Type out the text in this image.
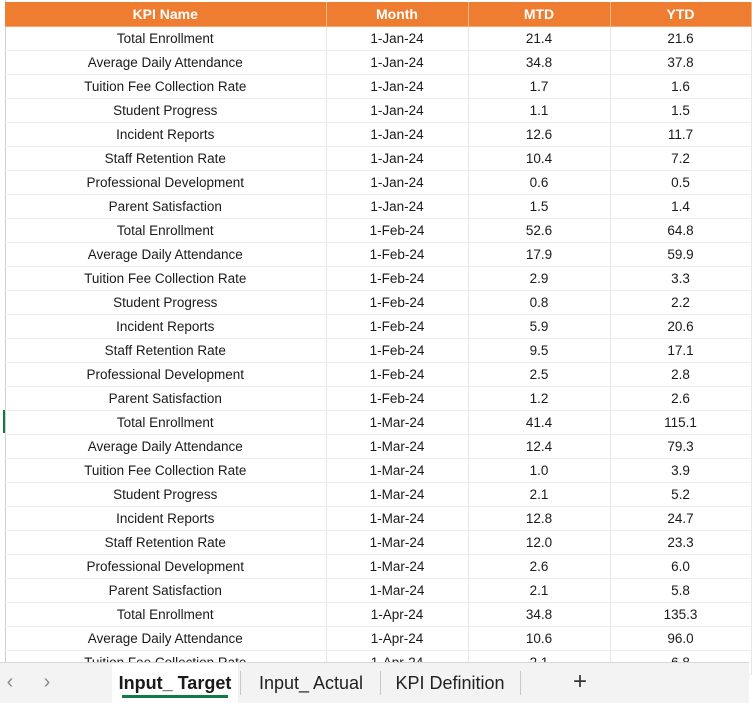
KPI Name	Month	MTD	YTD
Total Enrollment	1-Jan-24	21.4	21.6
Average Daily Attendance	1-Jan-24	34.8	37.8
Tuition Fee Collection Rate	1-Jan-24	1.7	1.6
Student Progress	1-Jan-24	1.1	1.5
Incident Reports	1-Jan-24	12.6	11.7
Staff Retention Rate	1-Jan-24	10.4	7.2
Professional Development	1-Jan-24	0.6	0.5
Parent Satisfaction	1-Jan-24	1.5	1.4
Total Enrollment	1-Feb-24	52.6	64.8
Average Daily Attendance	1-Feb-24	17.9	59.9
Tuition Fee Collection Rate	1-Feb-24	2.9	3.3
Student Progress	1-Feb-24	0.8	2.2
Incident Reports	1-Feb-24	5.9	20.6
Staff Retention Rate	1-Feb-24	9.5	17.1
Professional Development	1-Feb-24	2.5	2.8
Parent Satisfaction	1-Feb-24	1.2	2.6
Total Enrollment	1-Mar-24	41.4	115.1
Average Daily Attendance	1-Mar-24	12.4	79.3
Tuition Fee Collection Rate	1-Mar-24	1.0	3.9
Student Progress	1-Mar-24	2.1	5.2
Incident Reports	1-Mar-24	12.8	24.7
Staff Retention Rate	1-Mar-24	12.0	23.3
Professional Development	1-Mar-24	2.6	6.0
Parent Satisfaction	1-Mar-24	2.1	5.8
Total Enrollment	1-Apr-24	34.8	135.3
Average Daily Attendance	1-Apr-24	10.6	96.0

‹	›	Input_ Target	Input_ Actual	KPI Definition	+
